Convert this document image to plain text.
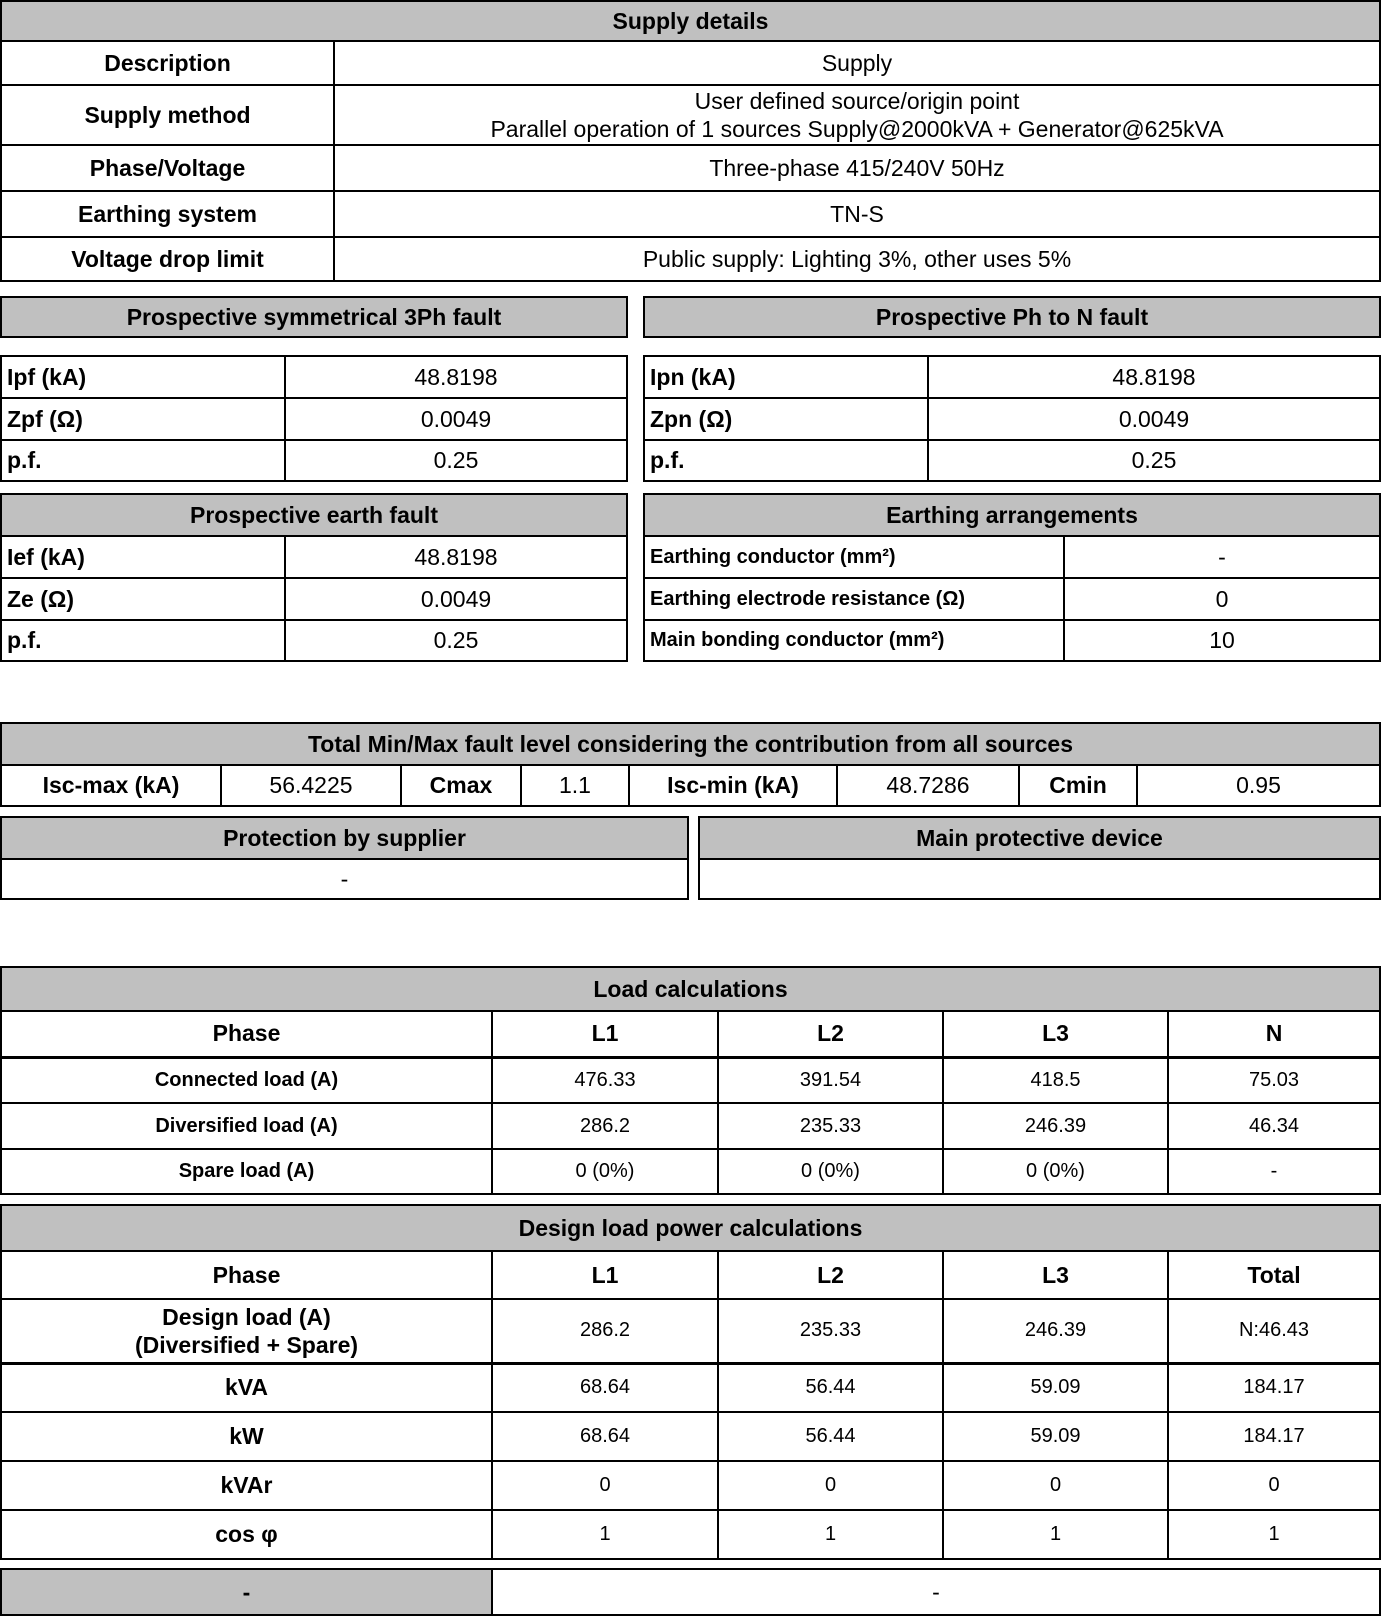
Supply details	
Description	Supply
Supply method	User defined source/origin point
Parallel operation of 1 sources Supply@2000kVA + Generator@625kVA

Phase/Voltage	Three-phase 415/240V 50Hz
Earthing system	TN-S
Voltage drop limit	Public supply: Lighting 3%, other uses 5%
Prospective symmetrical 3Ph fault
Ipf (kA)	48.8198
Zpf (Ω)	0.0049
p.f.	0.25
Prospective Ph to N fault
Ipn (kA)	48.8198
Zpn (Ω)	0.0049
p.f.	0.25
Prospective earth fault	
Ief (kA)	48.8198
Ze (Ω)	0.0049
p.f.	0.25
Earthing arrangements	
Earthing conductor (mm²)	-
Earthing electrode resistance (Ω)	0
Main bonding conductor (mm²)	10
Total Min/Max fault level considering the contribution from all sources
Isc-max (kA)	56.4225	Cmax	1.1	Isc-min (kA)	48.7286	Cmin	0.95
Protection by supplier
-
Main protective device

Load calculations				
Phase	L1	L2	L3	N
Connected load (A)	476.33	391.54	418.5	75.03
Diversified load (A)	286.2	235.33	246.39	46.34
Spare load (A)	0 (0%)	0 (0%)	0 (0%)	-
Design load power calculations				
Phase	L1	L2	L3	Total

Design load (A)
(Diversified + Spare)	286.2	235.33	246.39	N:46.43
kVA	68.64	56.44	59.09	184.17
kW	68.64	56.44	59.09	184.17
kVAr	0	0	0	0
cos φ	1	1	1	1
-	-
